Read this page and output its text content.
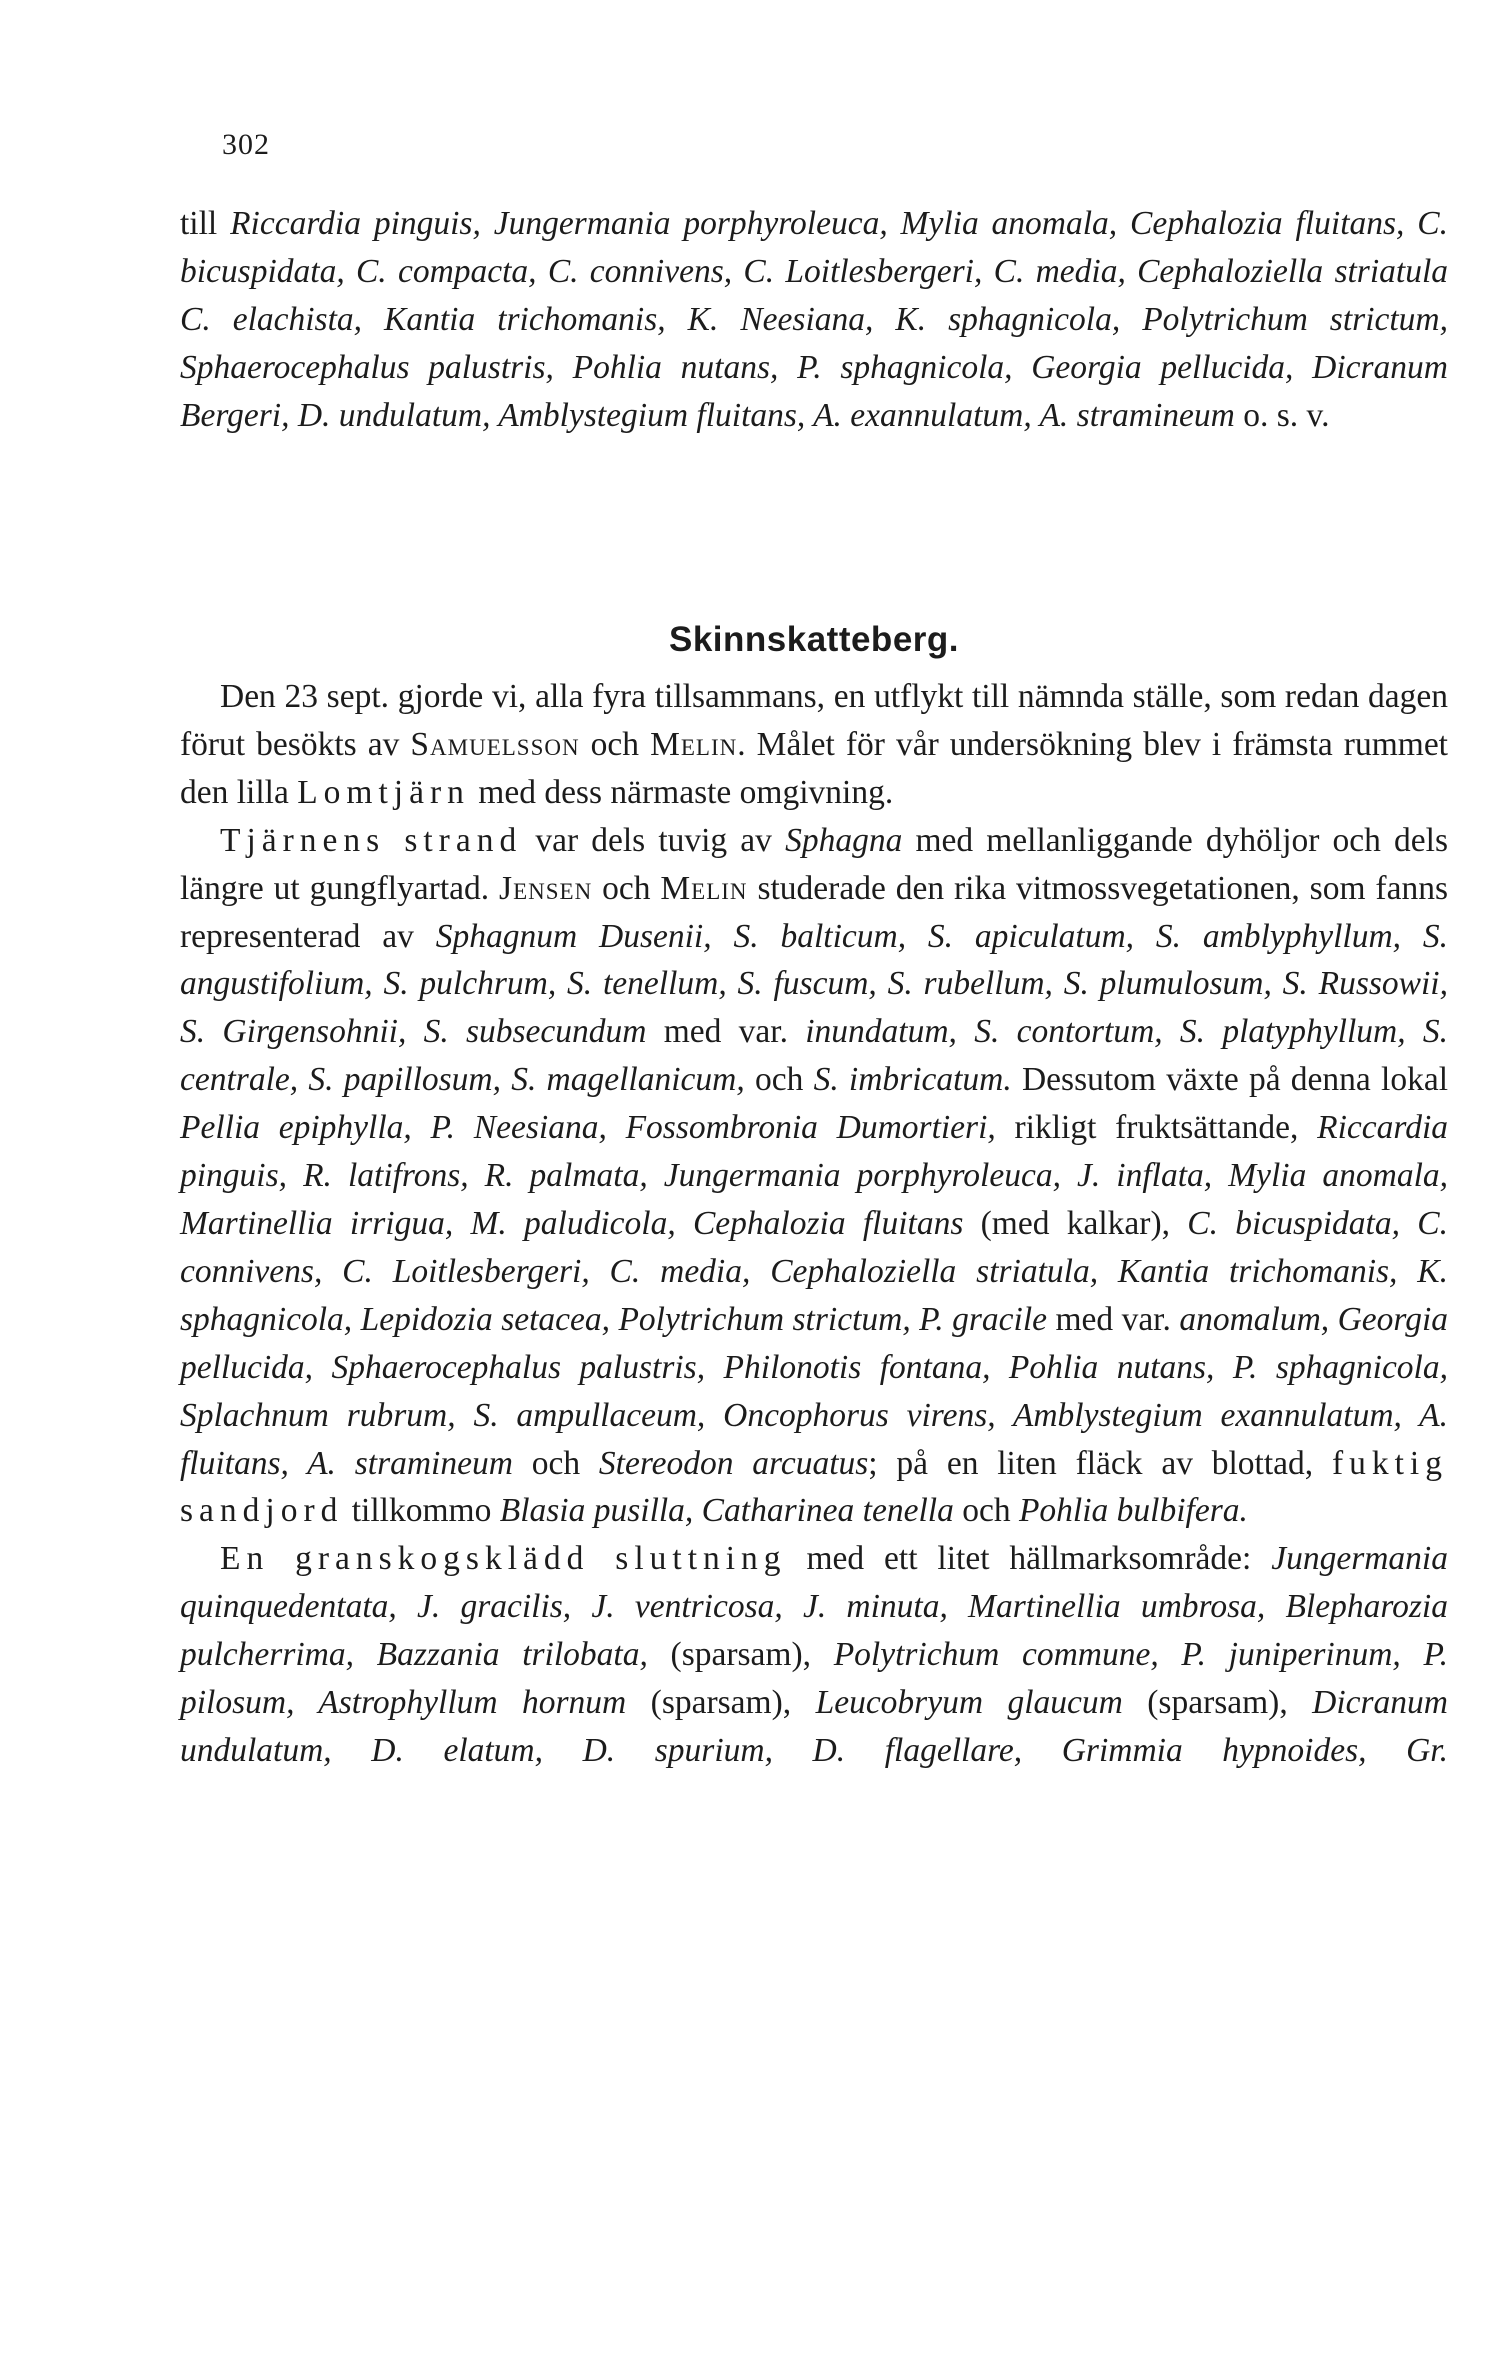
302

till Riccardia pinguis, Jungermania porphyroleuca, Mylia anomala, Cephalozia fluitans, C. bicuspidata, C. compacta, C. connivens, C. Loitlesbergeri, C. media, Cephaloziella striatula C. elachista, Kantia trichomanis, K. Neesiana, K. sphagnicola, Polytrichum strictum, Sphaerocephalus palustris, Pohlia nutans, P. sphagnicola, Georgia pellucida, Dicranum Bergeri, D. undulatum, Amblystegium fluitans, A. exannulatum, A. stramineum o. s. v.

Skinnskatteberg.

Den 23 sept. gjorde vi, alla fyra tillsammans, en utflykt till nämnda ställe, som redan dagen förut besökts av Samuelsson och Melin. Målet för vår undersökning blev i främsta rummet den lilla Lomtjärn med dess närmaste omgivning.

Tjärnens strand var dels tuvig av Sphagna med mellanliggande dyhöljor och dels längre ut gungflyartad. Jensen och Melin studerade den rika vitmossvegetationen, som fanns representerad av Sphagnum Dusenii, S. balticum, S. apiculatum, S. amblyphyllum, S. angustifolium, S. pulchrum, S. tenellum, S. fuscum, S. rubellum, S. plumulosum, S. Russowii, S. Girgensohnii, S. subsecundum med var. inundatum, S. contortum, S. platyphyllum, S. centrale, S. papillosum, S. magellanicum, och S. imbricatum. Dessutom växte på denna lokal Pellia epiphylla, P. Neesiana, Fossombronia Dumortieri, rikligt fruktsättande, Riccardia pinguis, R. latifrons, R. palmata, Jungermania porphyroleuca, J. inflata, Mylia anomala, Martinellia irrigua, M. paludicola, Cephalozia fluitans (med kalkar), C. bicuspidata, C. connivens, C. Loitlesbergeri, C. media, Cephaloziella striatula, Kantia trichomanis, K. sphagnicola, Lepidozia setacea, Polytrichum strictum, P. gracile med var. anomalum, Georgia pellucida, Sphaerocephalus palustris, Philonotis fontana, Pohlia nutans, P. sphagnicola, Splachnum rubrum, S. ampullaceum, Oncophorus virens, Amblystegium exannulatum, A. fluitans, A. stramineum och Stereodon arcuatus; på en liten fläck av blottad, fuktig sandjord tillkommo Blasia pusilla, Catharinea tenella och Pohlia bulbifera.

En granskogsklädd sluttning med ett litet hällmarksområde: Jungermania quinquedentata, J. gracilis, J. ventricosa, J. minuta, Martinellia umbrosa, Blepharozia pulcherrima, Bazzania trilobata, (sparsam), Polytrichum commune, P. juniperinum, P. pilosum, Astrophyllum hornum (sparsam), Leucobryum glaucum (sparsam), Dicranum undulatum, D. elatum, D. spurium, D. flagellare, Grimmia hypnoides, Gr.
